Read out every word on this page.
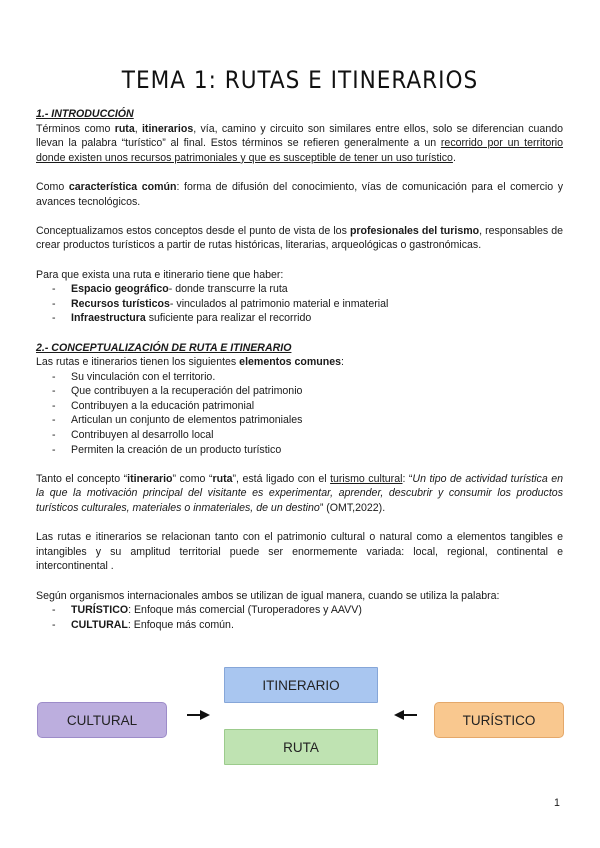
TEMA 1: RUTAS E ITINERARIOS

1.- INTRODUCCIÓN

Términos como ruta, itinerarios, vía, camino y circuito son similares entre ellos, solo se diferencian cuando llevan la palabra “turístico” al final. Estos términos se refieren generalmente a un recorrido por un territorio donde existen unos recursos patrimoniales y que es susceptible de tener un uso turístico.

Como característica común: forma de difusión del conocimiento, vías de comunicación para el comercio y avances tecnológicos.

Conceptualizamos estos conceptos desde el punto de vista de los profesionales del turismo, responsables de crear productos turísticos a partir de rutas históricas, literarias, arqueológicas o gastronómicas.

Para que exista una ruta e itinerario tiene que haber:

- Espacio geográfico- donde transcurre la ruta
- Recursos turísticos- vinculados al patrimonio material e inmaterial
- Infraestructura suficiente para realizar el recorrido

2.- CONCEPTUALIZACIÓN DE RUTA E ITINERARIO

Las rutas e itinerarios tienen los siguientes elementos comunes:

- Su vinculación con el territorio.
- Que contribuyen a la recuperación del patrimonio
- Contribuyen a la educación patrimonial
- Articulan un conjunto de elementos patrimoniales
- Contribuyen al desarrollo local
- Permiten la creación de un producto turístico

Tanto el concepto “itinerario” como “ruta”, está ligado con el turismo cultural: “Un tipo de actividad turística en la que la motivación principal del visitante es experimentar, aprender, descubrir y consumir los productos turísticos culturales, materiales o inmateriales, de un destino” (OMT,2022).

Las rutas e itinerarios se relacionan tanto con el patrimonio cultural o natural como a elementos tangibles e intangibles y su amplitud territorial puede ser enormemente variada: local, regional, continental e intercontinental .

Según organismos internacionales ambos se utilizan de igual manera, cuando se utiliza la palabra:

- TURÍSTICO: Enfoque más comercial (Turoperadores y AAVV)
- CULTURAL: Enfoque más común.
ITINERARIO
RUTA
CULTURAL	TURÍSTICO
1
